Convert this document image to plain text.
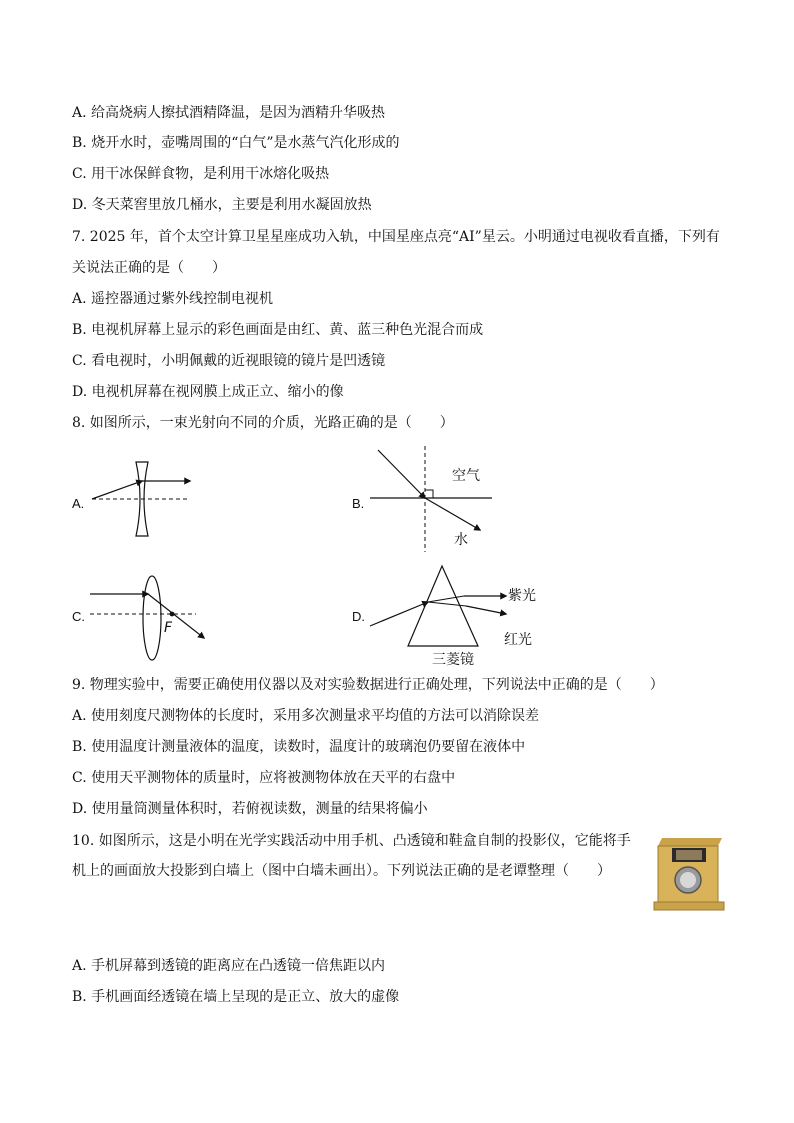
A. 给高烧病人擦拭酒精降温，是因为酒精升华吸热
B. 烧开水时，壶嘴周围的“白气”是水蒸气汽化形成的
C. 用干冰保鲜食物，是利用干冰熔化吸热
D. 冬天菜窖里放几桶水，主要是利用水凝固放热
7. 2025 年，首个太空计算卫星星座成功入轨，中国星座点亮“AI”星云。小明通过电视收看直播，下列有
关说法正确的是（　　）
A. 遥控器通过紫外线控制电视机
B. 电视机屏幕上显示的彩色画面是由红、黄、蓝三种色光混合而成
C. 看电视时，小明佩戴的近视眼镜的镜片是凹透镜
D. 电视机屏幕在视网膜上成正立、缩小的像
8. 如图所示，一束光射向不同的介质，光路正确的是（　　）
A.	B.
C.	D.
空气
水
F
紫光
红光
三菱镜
9. 物理实验中，需要正确使用仪器以及对实验数据进行正确处理，下列说法中正确的是（　　）
A. 使用刻度尺测物体的长度时，采用多次测量求平均值的方法可以消除误差
B. 使用温度计测量液体的温度，读数时，温度计的玻璃泡仍要留在液体中
C. 使用天平测物体的质量时，应将被测物体放在天平的右盘中
D. 使用量筒测量体积时，若俯视读数，测量的结果将偏小
10. 如图所示，这是小明在光学实践活动中用手机、凸透镜和鞋盒自制的投影仪，它能将手
机上的画面放大投影到白墙上（图中白墙未画出）。下列说法正确的是老谭整理（　　）
A. 手机屏幕到透镜的距离应在凸透镜一倍焦距以内
B. 手机画面经透镜在墙上呈现的是正立、放大的虚像
